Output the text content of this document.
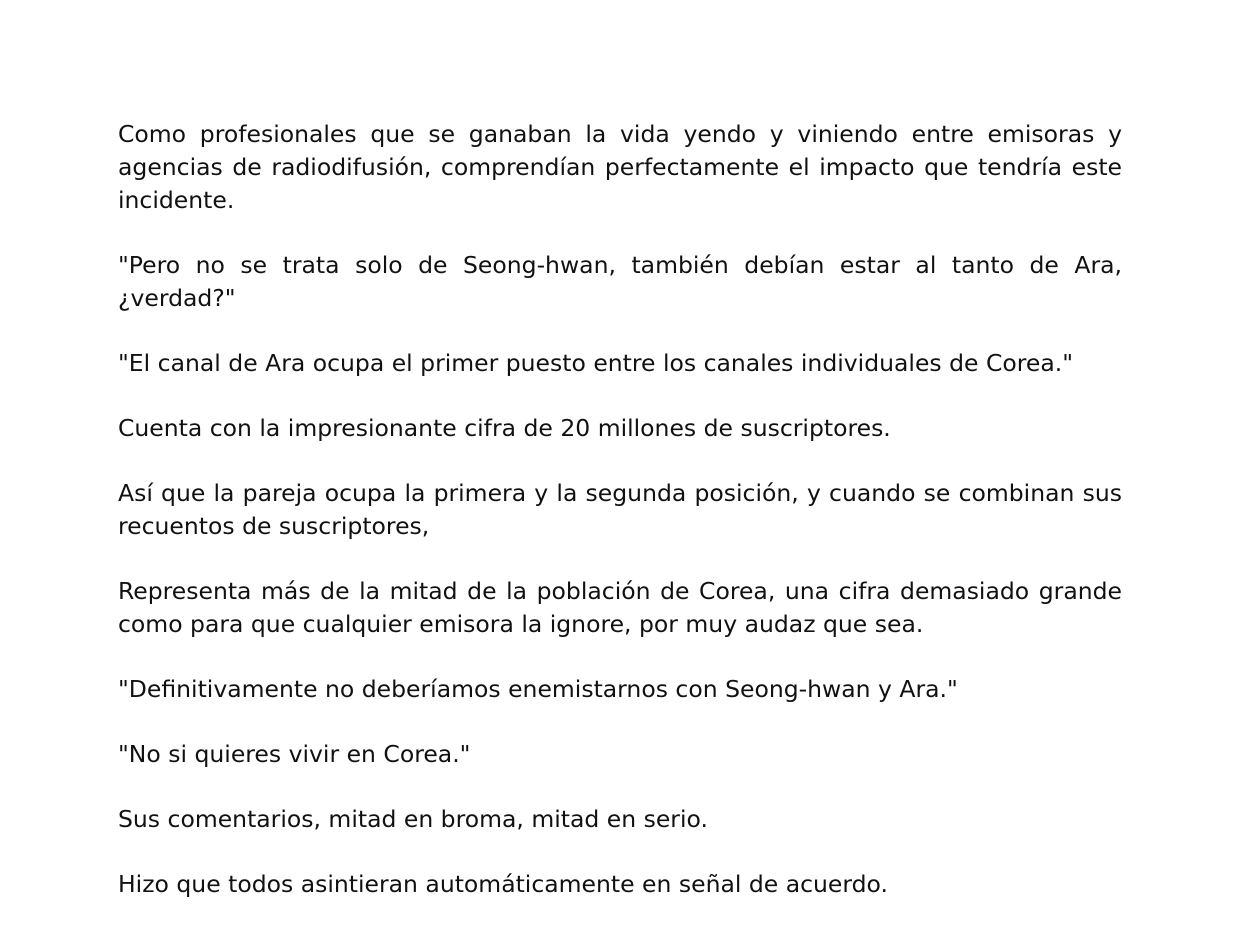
Como profesionales que se ganaban la vida yendo y viniendo entre emisoras y agencias de radiodifusión, comprendían perfectamente el impacto que tendría este incidente.

"Pero no se trata solo de Seong-hwan, también debían estar al tanto de Ara, ¿verdad?"

"El canal de Ara ocupa el primer puesto entre los canales individuales de Corea."

Cuenta con la impresionante cifra de 20 millones de suscriptores.

Así que la pareja ocupa la primera y la segunda posición, y cuando se combinan sus recuentos de suscriptores,

Representa más de la mitad de la población de Corea, una cifra demasiado grande como para que cualquier emisora la ignore, por muy audaz que sea.

"Definitivamente no deberíamos enemistarnos con Seong-hwan y Ara."

"No si quieres vivir en Corea."

Sus comentarios, mitad en broma, mitad en serio.

Hizo que todos asintieran automáticamente en señal de acuerdo.
